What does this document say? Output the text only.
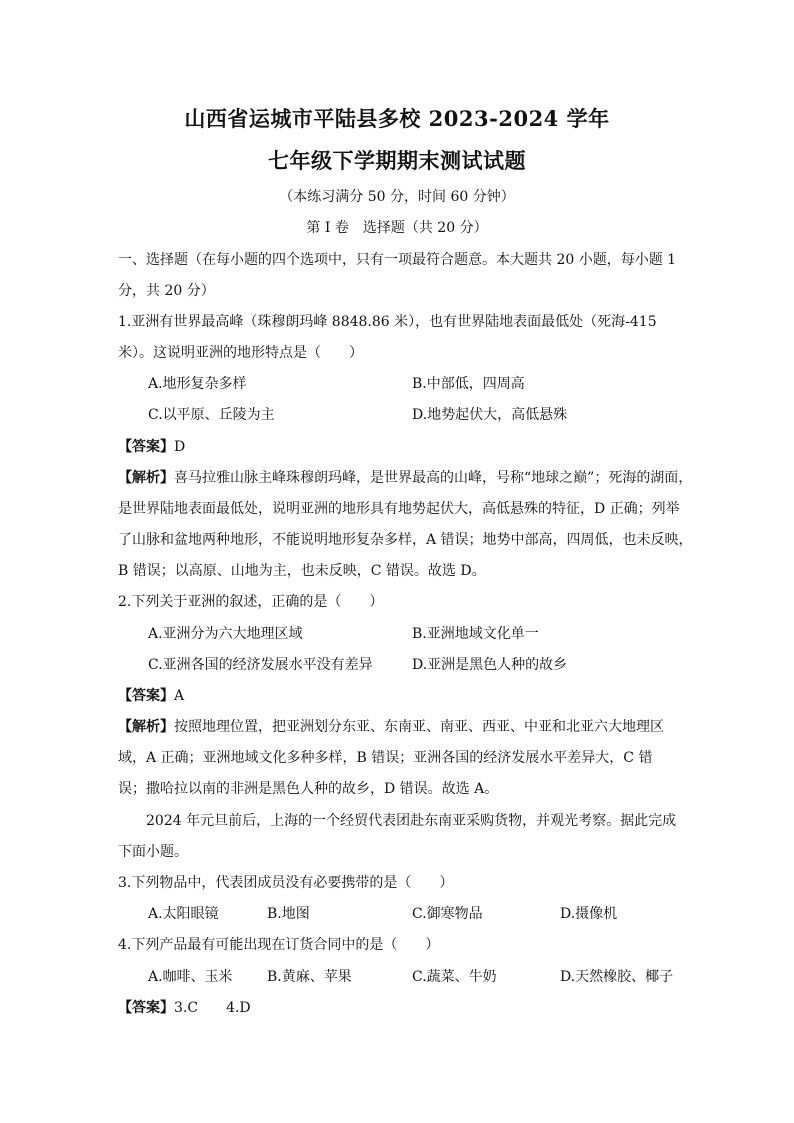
山西省运城市平陆县多校 2023-2024 学年
七年级下学期期末测试试题
（本练习满分 50 分，时间 60 分钟）
第 I 卷　选择题（共 20 分）
一、选择题（在每小题的四个选项中，只有一项最符合题意。本大题共 20 小题，每小题 1
分，共 20 分）
1.亚洲有世界最高峰（珠穆朗玛峰 8848.86 米），也有世界陆地表面最低处（死海-415
米）。这说明亚洲的地形特点是（　　）
A.地形复杂多样	B.中部低，四周高
C.以平原、丘陵为主	D.地势起伏大，高低悬殊
【答案】D
【解析】喜马拉雅山脉主峰珠穆朗玛峰，是世界最高的山峰，号称“地球之巅”；死海的湖面，
是世界陆地表面最低处，说明亚洲的地形具有地势起伏大，高低悬殊的特征，D 正确；列举
了山脉和盆地两种地形，不能说明地形复杂多样，A 错误；地势中部高，四周低，也未反映，
B 错误；以高原、山地为主，也未反映，C 错误。故选 D。
2.下列关于亚洲的叙述，正确的是（　　）
A.亚洲分为六大地理区域	B.亚洲地域文化单一
C.亚洲各国的经济发展水平没有差异	D.亚洲是黑色人种的故乡
【答案】A
【解析】按照地理位置，把亚洲划分东亚、东南亚、南亚、西亚、中亚和北亚六大地理区
域，A 正确；亚洲地域文化多种多样，B 错误；亚洲各国的经济发展水平差异大，C 错
误；撒哈拉以南的非洲是黑色人种的故乡，D 错误。故选 A。
2024 年元旦前后，上海的一个经贸代表团赴东南亚采购货物，并观光考察。据此完成
下面小题。
3.下列物品中，代表团成员没有必要携带的是（　　）
A.太阳眼镜	B.地图	C.御寒物品	D.摄像机
4.下列产品最有可能出现在订货合同中的是（　　）
A.咖啡、玉米 B.黄麻、苹果	C.蔬菜、牛奶	D.天然橡胶、椰子
【答案】3.C　　4.D
